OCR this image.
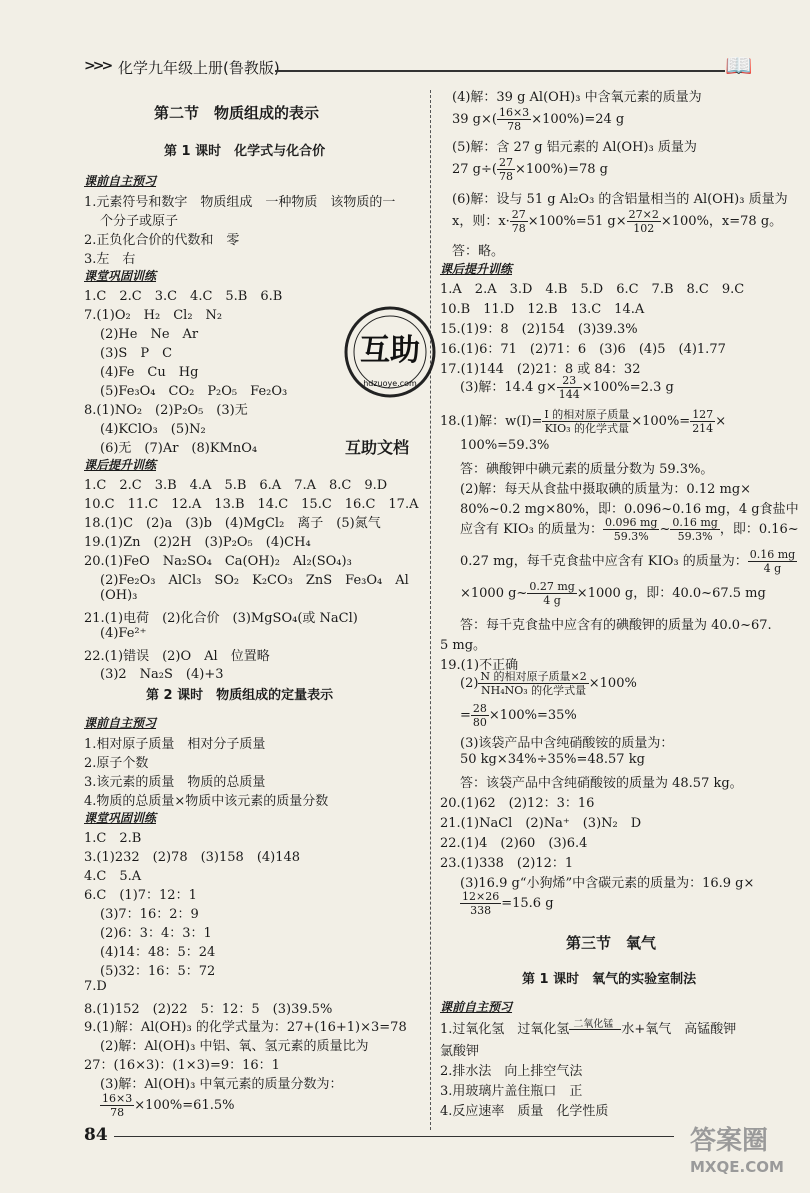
>>> 化学九年级上册(鲁教版)	📖
第二节　物质组成的表示
第 1 课时　化学式与化合价
课前自主预习
1.元素符号和数字　物质组成　一种物质　该物质的一
个分子或原子
2.正负化合价的代数和　零
3.左　右
课堂巩固训练
1.C　2.C　3.C　4.C　5.B　6.B
7.(1)O₂　H₂　Cl₂　N₂
(2)He　Ne　Ar
(3)S　P　C
(4)Fe　Cu　Hg
(5)Fe₃O₄　CO₂　P₂O₅　Fe₂O₃
8.(1)NO₂　(2)P₂O₅　(3)无
(4)KClO₃　(5)N₂
(6)无　(7)Ar　(8)KMnO₄
课后提升训练
1.C　2.C　3.B　4.A　5.B　6.A　7.A　8.C　9.D
10.C　11.C　12.A　13.B　14.C　15.C　16.C　17.A
18.(1)C　(2)a　(3)b　(4)MgCl₂　离子　(5)氮气
19.(1)Zn　(2)2H　(3)P₂O₅　(4)CH₄
20.(1)FeO　Na₂SO₄　Ca(OH)₂　Al₂(SO₄)₃
(2)Fe₂O₃　AlCl₃　SO₂　K₂CO₃　ZnS　Fe₃O₄　Al
(OH)₃
21.(1)电荷　(2)化合价　(3)MgSO₄(或 NaCl)
(4)Fe²⁺
22.(1)错误　(2)O　Al　位置略
(3)2　Na₂S　(4)+3
第 2 课时　物质组成的定量表示
课前自主预习
1.相对原子质量　相对分子质量
2.原子个数
3.该元素的质量　物质的总质量
4.物质的总质量×物质中该元素的质量分数
课堂巩固训练
1.C　2.B
3.(1)232　(2)78　(3)158　(4)148
4.C　5.A
6.C　(1)7：12：1
(3)7：16：2：9
(2)6：3：4：3：1
(4)14：48：5：24
(5)32：16：5：72
7.D
8.(1)152　(2)22　5：12：5　(3)39.5%
9.(1)解：Al(OH)₃ 的化学式量为：27+(16+1)×3=78
(2)解：Al(OH)₃ 中铝、氧、氢元素的质量比为
27：(16×3)：(1×3)=9：16：1
(3)解：Al(OH)₃ 中氧元素的质量分数为：
$\frac{16\times 3}{78} \times 100\%=61.5\%$
(4)解：39 g Al(OH)₃ 中含氧元素的质量为
39 $g\times( \frac{16\times 3}{78} \times 100\%)=24$ g
(5)解：含 27 g 铝元素的 Al(OH)₃ 质量为
27 $g\div( \frac{27}{78} \times 100\%)=78$ g
(6)解：设与 51 g Al₂O₃ 的含铝量相当的 Al(OH)₃ 质量为
x，则：$x\cdot \frac{27}{78} \times 100\%=51$ $g\times \frac{27\times 2}{102} \times 100\%$，x=78 g。
答：略。
课后提升训练
1.A　2.A　3.D　4.B　5.D　6.C　7.B　8.C　9.C
10.B　11.D　12.B　13.C　14.A
15.(1)9：8　(2)154　(3)39.3%
16.(1)6：71　(2)71：6　(3)6　(4)5　(4)1.77
17.(1)144　(2)21：8 或 84：32
(3)解：14.4 $g\times \frac{23}{144} \times 100\%=2.3$ g
18.(1)解：$w(I)= \frac{\text{I 的相对原子质量}}{\text{KIO₃ 的化学式量}} \times 100\%= \frac{127}{214}$ ×
100%=59.3%
答：碘酸钾中碘元素的质量分数为 59.3%。
(2)解：每天从食盐中摄取碘的质量为：0.12 mg×
80%~0.2 mg×80%，即：0.096~0.16 mg，4 g食盐中
应含有 KIO₃ 的质量为： $\frac{0.096 mg}{59.3\%}$ ~ $\frac{0.16 mg}{59.3\%}$ ，即：0.16~
0.27 mg，每千克食盐中应含有 KIO₃ 的质量为： $\frac{0.16 mg}{4 g}$
×1000 g~ $\frac{0.27 mg}{4 g} \times 1000$ g，即：40.0~67.5 mg
答：每千克食盐中应含有的碘酸钾的质量为 40.0~67.
5 mg。
19.(1)不正确
$(2) \frac{\text{N 的相对原子质量×2}}{\text{NH₄NO₃ 的化学式量}} \times 100\%$
= $\frac{28}{80} \times 100\%=35\%$
(3)该袋产品中含纯硝酸铵的质量为：
50 kg×34%÷35%=48.57 kg
答：该袋产品中含纯硝酸铵的质量为 48.57 kg。
20.(1)62　(2)12：3：16
21.(1)NaCl　(2)Na⁺　(3)N₂　D
22.(1)4　(2)60　(3)6.4
23.(1)338　(2)12：1
(3)16.9 g“小狗烯”中含碳元素的质量为：16.9 g×
$\frac{12\times 26}{338} =15.6$ g
第三节　氧气
第 1 课时　氧气的实验室制法
课前自主预习
1.过氧化氢　过氧化氢 二氧化锰 水+氧气　高锰酸钾
氯酸钾
2.排水法　向上排空气法
3.用玻璃片盖住瓶口　正
4.反应速率　质量　化学性质
互助
hdzuoye.com
互助文档
84	答案圈
MXQE.COM
